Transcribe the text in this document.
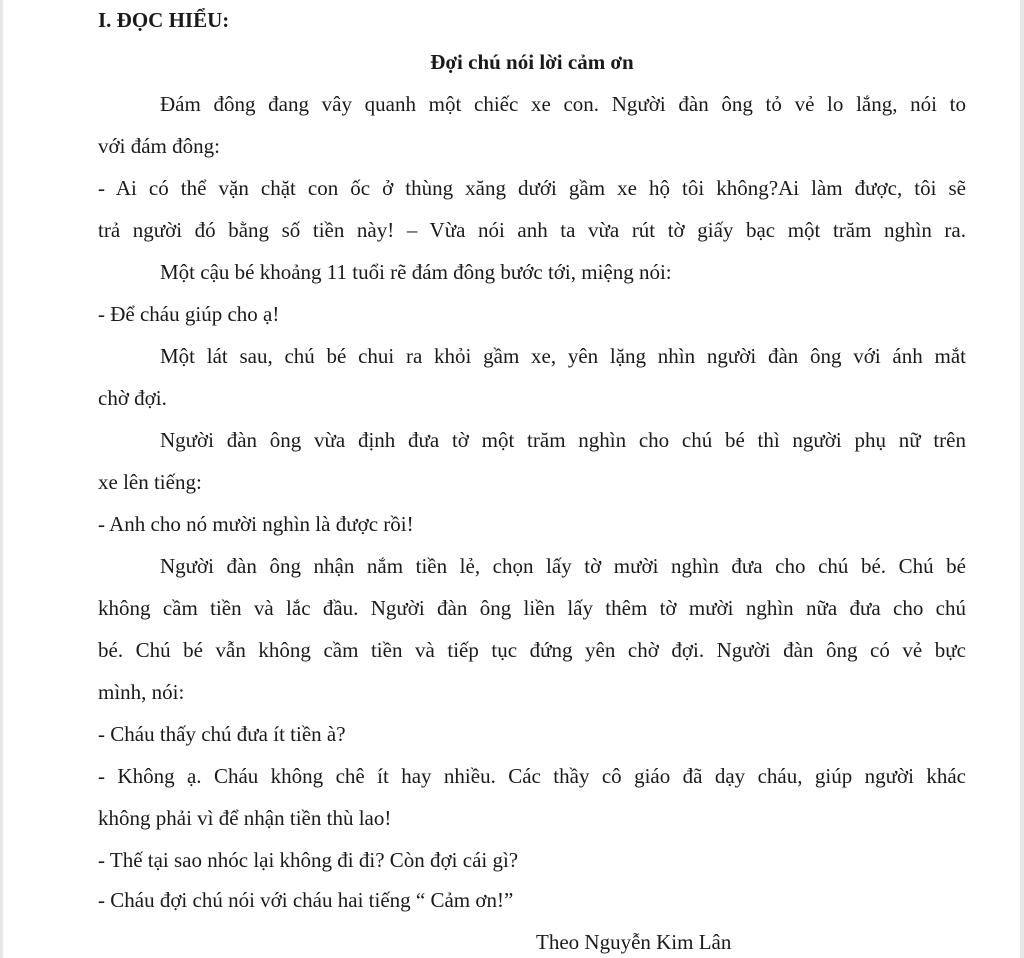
I. ĐỌC HIỂU:
Đợi chú nói lời cảm ơn
Đám đông đang vây quanh một chiếc xe con. Người đàn ông tỏ vẻ lo lắng, nói to
với đám đông:
- Ai có thể vặn chặt con ốc ở thùng xăng dưới gầm xe hộ tôi không?Ai làm được, tôi sẽ
trả người đó bằng số tiền này! – Vừa nói anh ta vừa rút tờ giấy bạc một trăm nghìn ra.
Một cậu bé khoảng 11 tuổi rẽ đám đông bước tới, miệng nói:
- Để cháu giúp cho ạ!
Một lát sau, chú bé chui ra khỏi gầm xe, yên lặng nhìn người đàn ông với ánh mắt
chờ đợi.
Người đàn ông vừa định đưa tờ một trăm nghìn cho chú bé thì người phụ nữ trên
xe lên tiếng:
- Anh cho nó mười nghìn là được rồi!
Người đàn ông nhận nắm tiền lẻ, chọn lấy tờ mười nghìn đưa cho chú bé. Chú bé
không cầm tiền và lắc đầu. Người đàn ông liền lấy thêm tờ mười nghìn nữa đưa cho chú
bé. Chú bé vẫn không cầm tiền và tiếp tục đứng yên chờ đợi. Người đàn ông có vẻ bực
mình, nói:
- Cháu thấy chú đưa ít tiền à?
- Không ạ. Cháu không chê ít hay nhiều. Các thầy cô giáo đã dạy cháu, giúp người khác
không phải vì để nhận tiền thù lao!
- Thế tại sao nhóc lại không đi đi? Còn đợi cái gì?
- Cháu đợi chú nói với cháu hai tiếng “ Cảm ơn!”
Theo Nguyễn Kim Lân
